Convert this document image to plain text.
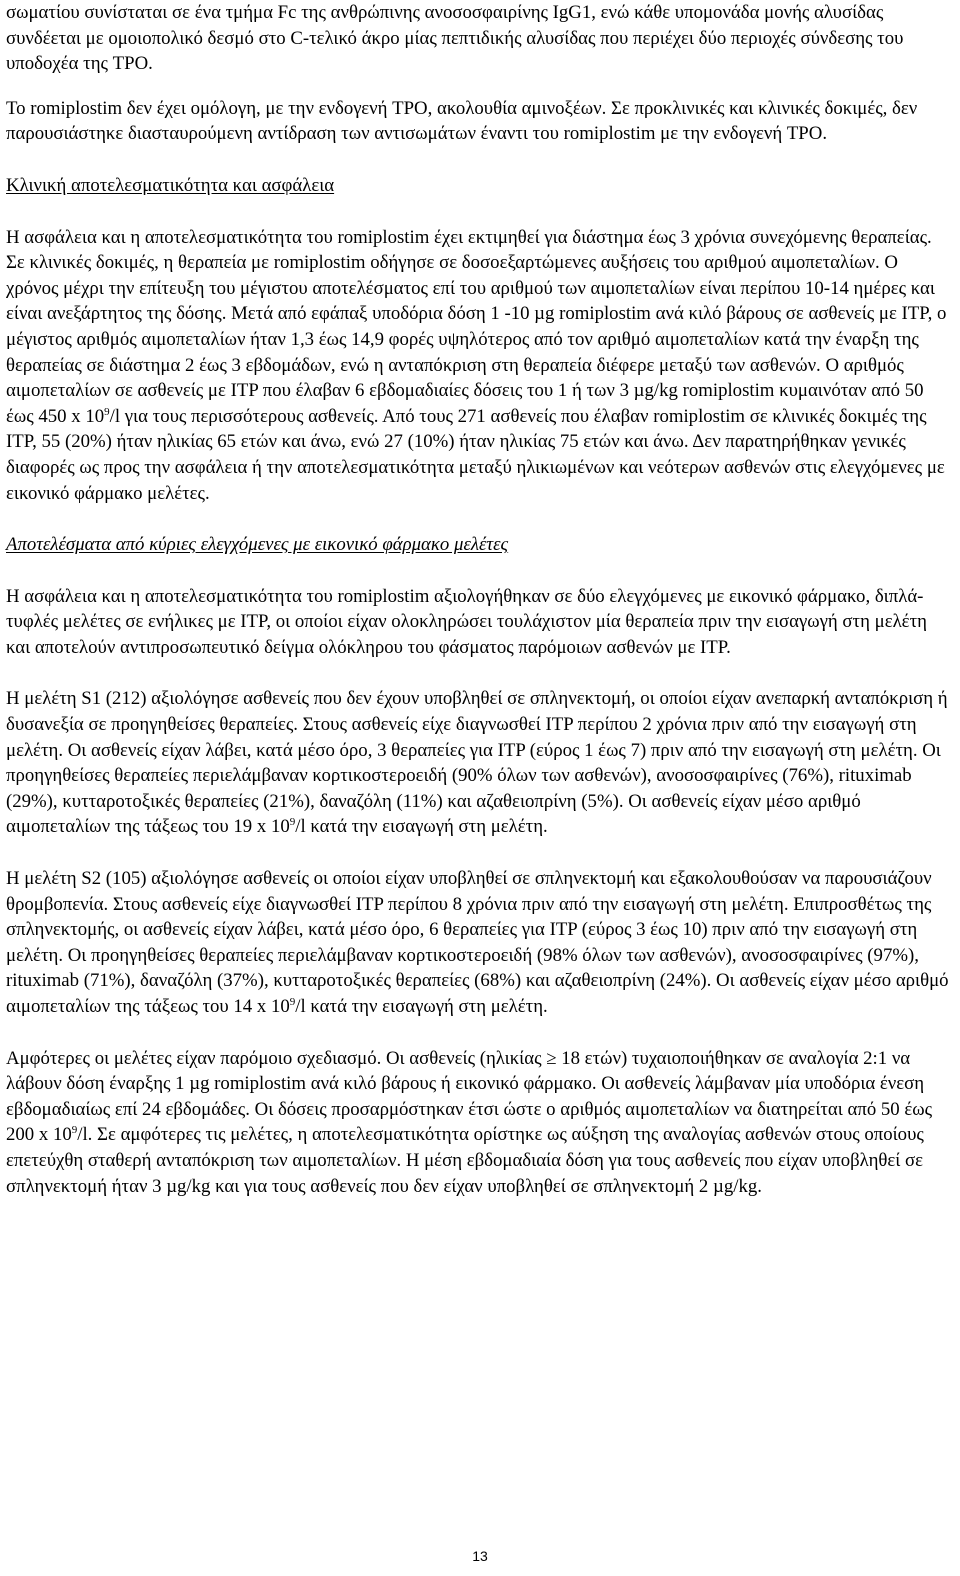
σωματίου συνίσταται σε ένα τμήμα Fc της ανθρώπινης ανοσοσφαιρίνης IgG1, ενώ κάθε υπομονάδα μονής αλυσίδας συνδέεται με ομοιοπολικό δεσμό στο C-τελικό άκρο μίας πεπτιδικής αλυσίδας που περιέχει δύο περιοχές σύνδεσης του υποδοχέα της TPO.

Το romiplostim δεν έχει ομόλογη, με την ενδογενή TPO, ακολουθία αμινοξέων. Σε προκλινικές και κλινικές δοκιμές, δεν παρουσιάστηκε διασταυρούμενη αντίδραση των αντισωμάτων έναντι του romiplostim με την ενδογενή TPO.

Κλινική αποτελεσματικότητα και ασφάλεια

Η ασφάλεια και η αποτελεσματικότητα του romiplostim έχει εκτιμηθεί για διάστημα έως 3 χρόνια συνεχόμενης θεραπείας. Σε κλινικές δοκιμές, η θεραπεία με romiplostim οδήγησε σε δοσοεξαρτώμενες αυξήσεις του αριθμού αιμοπεταλίων. Ο χρόνος μέχρι την επίτευξη του μέγιστου αποτελέσματος επί του αριθμού των αιμοπεταλίων είναι περίπου 10-14 ημέρες και είναι ανεξάρτητος της δόσης. Μετά από εφάπαξ υποδόρια δόση 1 -10 µg romiplostim ανά κιλό βάρους σε ασθενείς με ITP, ο μέγιστος αριθμός αιμοπεταλίων ήταν 1,3 έως 14,9 φορές υψηλότερος από τον αριθμό αιμοπεταλίων κατά την έναρξη της θεραπείας σε διάστημα 2 έως 3 εβδομάδων, ενώ η ανταπόκριση στη θεραπεία διέφερε μεταξύ των ασθενών. Ο αριθμός αιμοπεταλίων σε ασθενείς με ITP που έλαβαν 6 εβδομαδιαίες δόσεις του 1 ή των 3 µg/kg romiplostim κυμαινόταν από 50 έως 450 x $10^9/l$ για τους περισσότερους ασθενείς. Από τους 271 ασθενείς που έλαβαν romiplostim σε κλινικές δοκιμές της ITP, 55 (20%) ήταν ηλικίας 65 ετών και άνω, ενώ 27 (10%) ήταν ηλικίας 75 ετών και άνω. Δεν παρατηρήθηκαν γενικές διαφορές ως προς την ασφάλεια ή την αποτελεσματικότητα μεταξύ ηλικιωμένων και νεότερων ασθενών στις ελεγχόμενες με εικονικό φάρμακο μελέτες.

Αποτελέσματα από κύριες ελεγχόμενες με εικονικό φάρμακο μελέτες

Η ασφάλεια και η αποτελεσματικότητα του romiplostim αξιολογήθηκαν σε δύο ελεγχόμενες με εικονικό φάρμακο, διπλά-τυφλές μελέτες σε ενήλικες με ITP, οι οποίοι είχαν ολοκληρώσει τουλάχιστον μία θεραπεία πριν την εισαγωγή στη μελέτη και αποτελούν αντιπροσωπευτικό δείγμα ολόκληρου του φάσματος παρόμοιων ασθενών με ITP.

Η μελέτη S1 (212) αξιολόγησε ασθενείς που δεν έχουν υποβληθεί σε σπληνεκτομή, οι οποίοι είχαν ανεπαρκή ανταπόκριση ή δυσανεξία σε προηγηθείσες θεραπείες. Στους ασθενείς είχε διαγνωσθεί ITP περίπου 2 χρόνια πριν από την εισαγωγή στη μελέτη. Οι ασθενείς είχαν λάβει, κατά μέσο όρο, 3 θεραπείες για ITP (εύρος 1 έως 7) πριν από την εισαγωγή στη μελέτη. Οι προηγηθείσες θεραπείες περιελάμβαναν κορτικοστεροειδή (90% όλων των ασθενών), ανοσοσφαιρίνες (76%), rituximab (29%), κυτταροτοξικές θεραπείες (21%), δαναζόλη (11%) και αζαθειοπρίνη (5%). Οι ασθενείς είχαν μέσο αριθμό αιμοπεταλίων της τάξεως του 19 x $10^9/l$ κατά την εισαγωγή στη μελέτη.

Η μελέτη S2 (105) αξιολόγησε ασθενείς οι οποίοι είχαν υποβληθεί σε σπληνεκτομή και εξακολουθούσαν να παρουσιάζουν θρομβοπενία. Στους ασθενείς είχε διαγνωσθεί ITP περίπου 8 χρόνια πριν από την εισαγωγή στη μελέτη. Επιπροσθέτως της σπληνεκτομής, οι ασθενείς είχαν λάβει, κατά μέσο όρο, 6 θεραπείες για ITP (εύρος 3 έως 10) πριν από την εισαγωγή στη μελέτη. Οι προηγηθείσες θεραπείες περιελάμβαναν κορτικοστεροειδή (98% όλων των ασθενών), ανοσοσφαιρίνες (97%), rituximab (71%), δαναζόλη (37%), κυτταροτοξικές θεραπείες (68%) και αζαθειοπρίνη (24%). Οι ασθενείς είχαν μέσο αριθμό αιμοπεταλίων της τάξεως του 14 x $10^9/l$ κατά την εισαγωγή στη μελέτη.

Αμφότερες οι μελέτες είχαν παρόμοιο σχεδιασμό. Οι ασθενείς (ηλικίας ≥ 18 ετών) τυχαιοποιήθηκαν σε αναλογία 2:1 να λάβουν δόση έναρξης 1 µg romiplostim ανά κιλό βάρους ή εικονικό φάρμακο. Οι ασθενείς λάμβαναν μία υποδόρια ένεση εβδομαδιαίως επί 24 εβδομάδες. Οι δόσεις προσαρμόστηκαν έτσι ώστε ο αριθμός αιμοπεταλίων να διατηρείται από 50 έως 200 x $10^9/l$. Σε αμφότερες τις μελέτες, η αποτελεσματικότητα ορίστηκε ως αύξηση της αναλογίας ασθενών στους οποίους επετεύχθη σταθερή ανταπόκριση των αιμοπεταλίων. Η μέση εβδομαδιαία δόση για τους ασθενείς που είχαν υποβληθεί σε σπληνεκτομή ήταν 3 µg/kg και για τους ασθενείς που δεν είχαν υποβληθεί σε σπληνεκτομή 2 µg/kg.

13
